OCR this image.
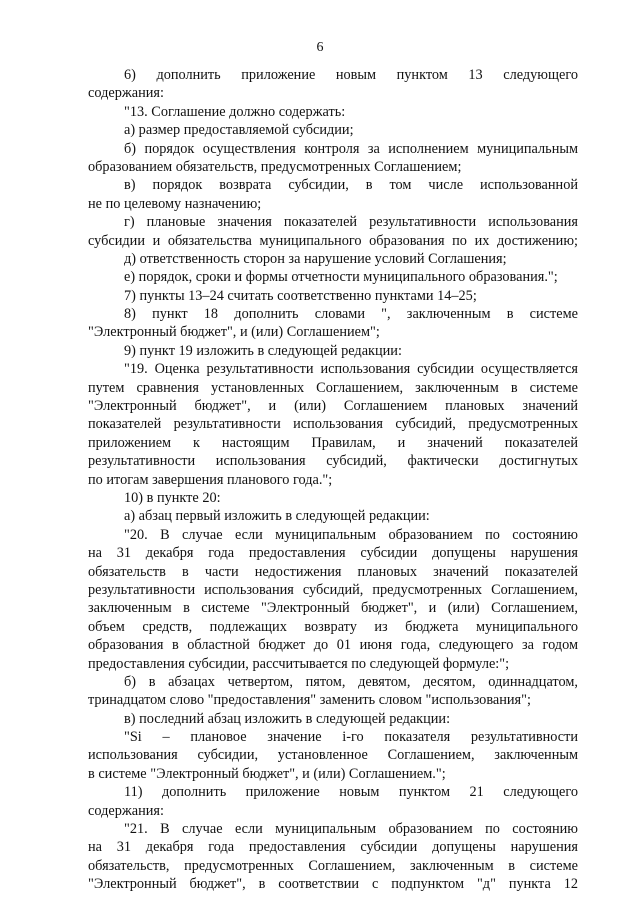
6
6) дополнить приложение новым пунктом 13 следующего
содержания:
"13. Соглашение должно содержать:
а) размер предоставляемой субсидии;
б) порядок осуществления контроля за исполнением муниципальным
образованием обязательств, предусмотренных Соглашением;
в) порядок возврата субсидии, в том числе использованной
не по целевому назначению;
г) плановые значения показателей результативности использования
субсидии и обязательства муниципального образования по их достижению;
д) ответственность сторон за нарушение условий Соглашения;
е) порядок, сроки и формы отчетности муниципального образования.";
7) пункты 13–24 считать соответственно пунктами 14–25;
8) пункт 18 дополнить словами ", заключенным в системе
"Электронный бюджет", и (или) Соглашением";
9) пункт 19 изложить в следующей редакции:
"19. Оценка результативности использования субсидии осуществляется
путем сравнения установленных Соглашением, заключенным в системе
"Электронный бюджет", и (или) Соглашением плановых значений
показателей результативности использования субсидий, предусмотренных
приложением к настоящим Правилам, и значений показателей
результативности использования субсидий, фактически достигнутых
по итогам завершения планового года.";
10) в пункте 20:
а) абзац первый изложить в следующей редакции:
"20. В случае если муниципальным образованием по состоянию
на 31 декабря года предоставления субсидии допущены нарушения
обязательств в части недостижения плановых значений показателей
результативности использования субсидий, предусмотренных Соглашением,
заключенным в системе "Электронный бюджет", и (или) Соглашением,
объем средств, подлежащих возврату из бюджета муниципального
образования в областной бюджет до 01 июня года, следующего за годом
предоставления субсидии, рассчитывается по следующей формуле:";
б) в абзацах четвертом, пятом, девятом, десятом, одиннадцатом,
тринадцатом слово "предоставления" заменить словом "использования";
в) последний абзац изложить в следующей редакции:
"Si – плановое значение i-го показателя результативности
использования субсидии, установленное Соглашением, заключенным
в системе "Электронный бюджет", и (или) Соглашением.";
11) дополнить приложение новым пунктом 21 следующего
содержания:
"21. В случае если муниципальным образованием по состоянию
на 31 декабря года предоставления субсидии допущены нарушения
обязательств, предусмотренных Соглашением, заключенным в системе
"Электронный бюджет", в соответствии с подпунктом "д" пункта 12
